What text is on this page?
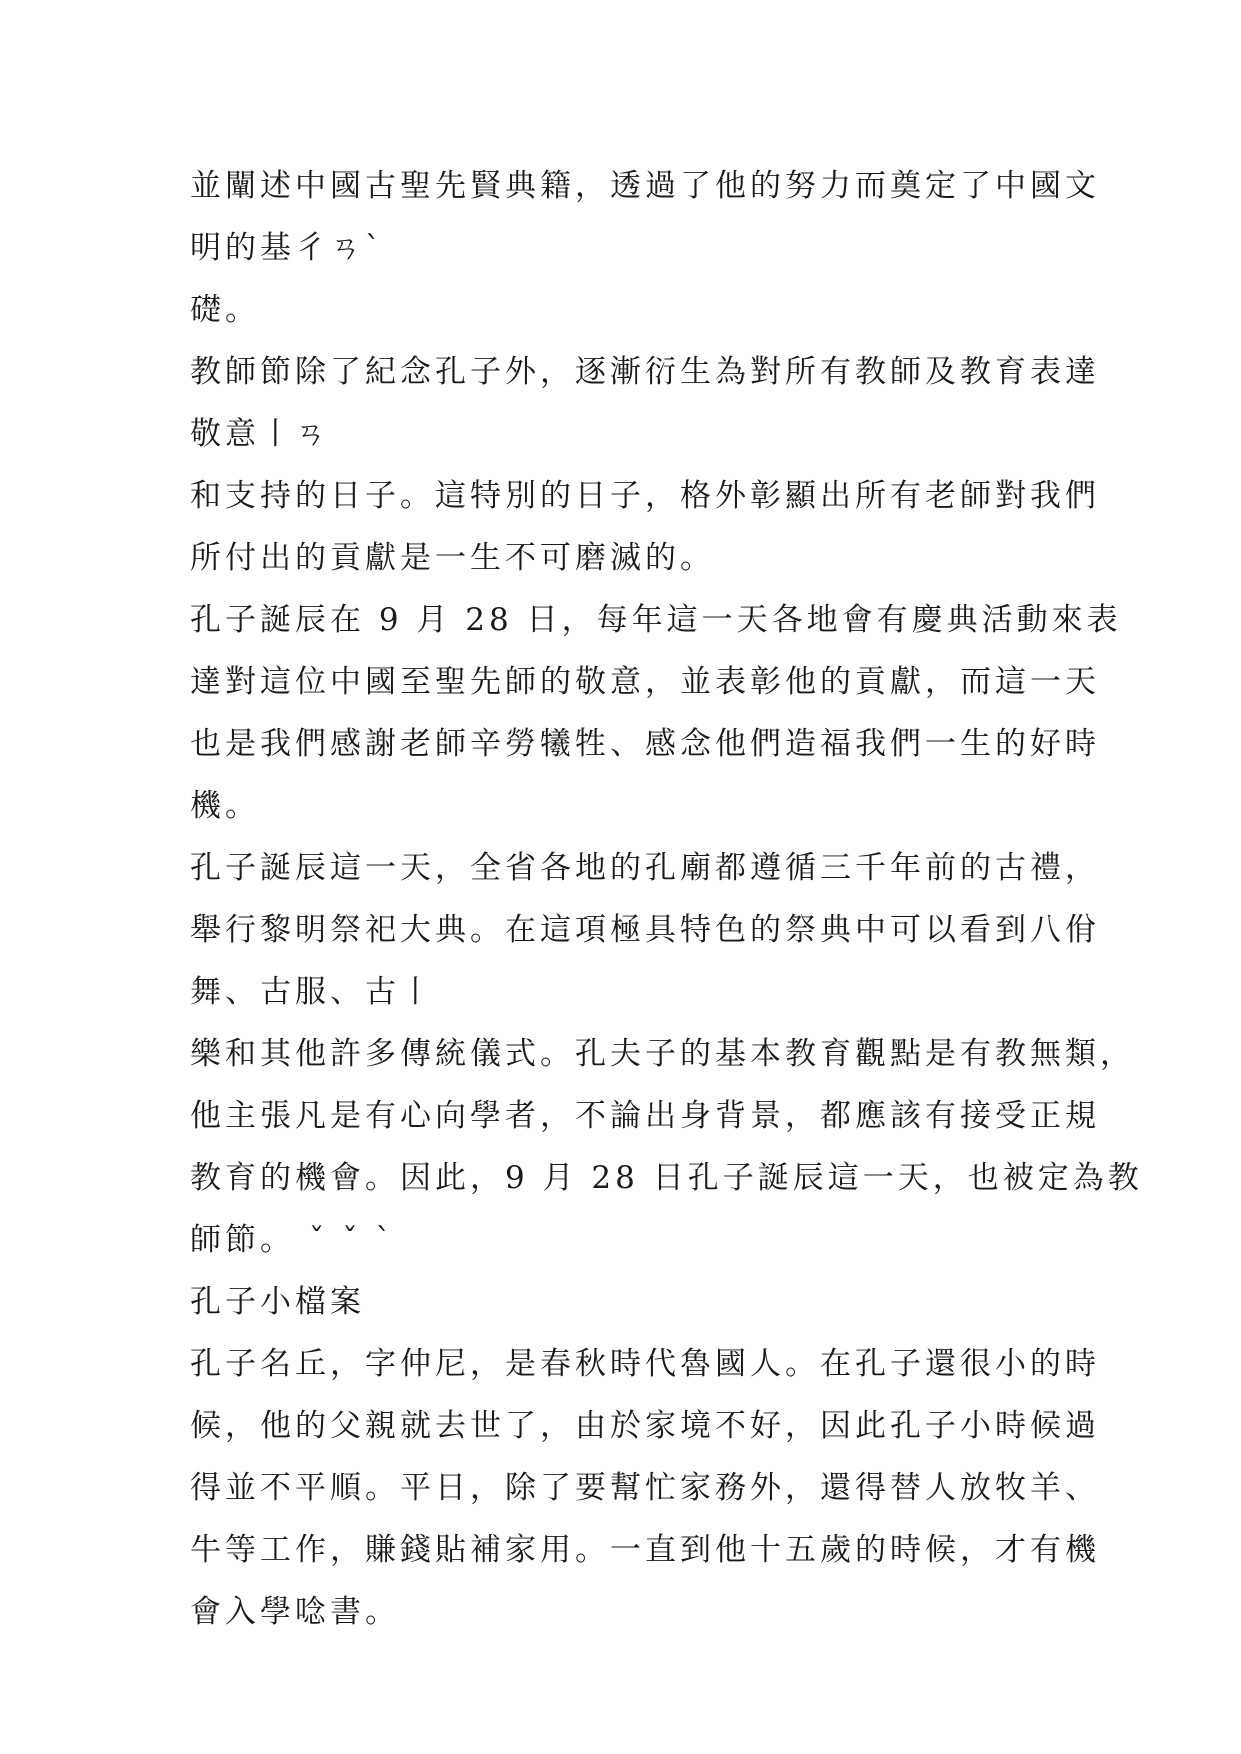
並闡述中國古聖先賢典籍，透過了他的努力而奠定了中國文
明的基彳ㄢˋ
礎。
教師節除了紀念孔子外，逐漸衍生為對所有教師及教育表達
敬意丨ㄢ
和支持的日子。這特別的日子，格外彰顯出所有老師對我們
所付出的貢獻是一生不可磨滅的。
孔子誕辰在 9 月 28 日，每年這一天各地會有慶典活動來表
達對這位中國至聖先師的敬意，並表彰他的貢獻，而這一天
也是我們感謝老師辛勞犧牲、感念他們造福我們一生的好時
機。
孔子誕辰這一天，全省各地的孔廟都遵循三千年前的古禮，
舉行黎明祭祀大典。在這項極具特色的祭典中可以看到八佾
舞、古服、古丨
樂和其他許多傳統儀式。孔夫子的基本教育觀點是有教無類，
他主張凡是有心向學者，不論出身背景，都應該有接受正規
教育的機會。因此，9 月 28 日孔子誕辰這一天，也被定為教
師節。 ˇ ˇ ˋ
孔子小檔案
孔子名丘，字仲尼，是春秋時代魯國人。在孔子還很小的時
候，他的父親就去世了，由於家境不好，因此孔子小時候過
得並不平順。平日，除了要幫忙家務外，還得替人放牧羊、
牛等工作，賺錢貼補家用。一直到他十五歲的時候，才有機
會入學唸書。
